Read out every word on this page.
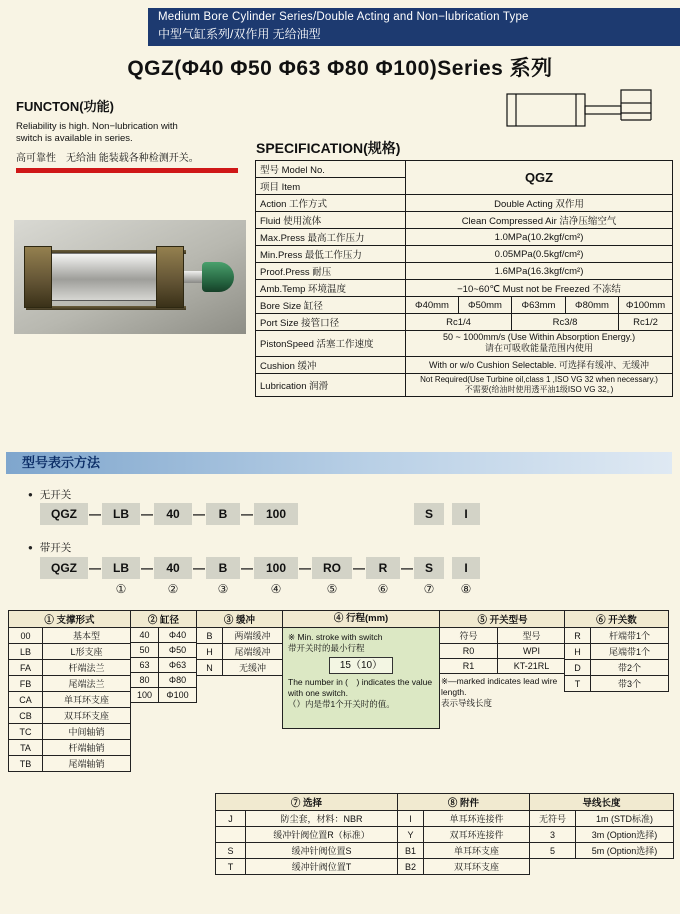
Medium Bore Cylinder Series/Double Acting and Non−lubrication Type
中型气缸系列/双作用 无给油型
QGZ(Φ40 Φ50 Φ63 Φ80 Φ100)Series 系列
FUNCTON(功能)
Reliability is high. Non−lubrication with
switch is available in series.
高可靠性　无给油 能装载各种检测开关。
SPECIFICATION(规格)
型号 Model No.	QGZ				
项目 Item					
Action 工作方式	Double Acting 双作用				
Fluid 使用流体	Clean Compressed Air 洁净压缩空气				
Max.Press 最高工作压力	1.0MPa(10.2kgf/cm²)				
Min.Press 最低工作压力	0.05MPa(0.5kgf/cm²)				
Proof.Press 耐压	1.6MPa(16.3kgf/cm²)				
Amb.Temp 环境温度	−10~60℃ Must not be Freezed 不冻结				
Bore Size 缸径	Φ40mm	Φ50mm	Φ63mm	Φ80mm	Φ100mm
Port Size 接管口径	Rc1/4		Rc3/8		Rc1/2
PistonSpeed 活塞工作速度	50 ~ 1000mm/s (Use Within Absorption Energy.)
请在可吸收能量范围内使用				

Cushion 缓冲	With or w/o Cushion Selectable. 可选择有缓冲、无缓冲				
Lubrication 润滑	Not Required(Use Turbine oil,class 1 ,ISO VG 32 when necessary.)
不需要(给油时使用透平油1级ISO VG 32。)				
型号表示方法
● 无开关
QGZ	—	LB	—	40	—	B	—	100	S	I
● 带开关
QGZ	—	LB	—	40	—	B	—	100	—	RO	—	R	— S	I
①	②	③	④	⑤	⑥	⑦	⑧
① 支撑形式	
00	基本型
LB	L形支座
FA	杆端法兰
FB	尾端法兰
CA	单耳环支座
CB	双耳环支座
TC	中间轴销
TA	杆端轴销
TB	尾端轴销
② 缸径	
40	Φ40
50	Φ50
63	Φ63
80	Φ80
100	Φ100
③ 缓冲	
B	两端缓冲
H	尾端缓冲
N	无缓冲
④ 行程(mm)
※ Min. stroke with switch
带开关时的最小行程
15（10）
The number in (　) indicates the value with one switch.
（）内是带1个开关时的值。
⑤ 开关型号	
符号	型号
R0	WPI
R1	KT-21RL
※—marked indicates lead wire length.
表示导线长度
⑥ 开关数	
R	杆端带1个
H	尾端带1个
D	带2个
T	带3个
⑦ 选择	
J	防尘套，材料：NBR
	缓冲针阀位置R（标准）
S	缓冲针阀位置S
T	缓冲针阀位置T
⑧ 附件	
I	单耳环连接件
Y	双耳环连接件
B1	单耳环支座
B2	双耳环支座
导线长度	
无符号	1m (STD标准)
3	3m (Option选择)
5	5m (Option选择)
